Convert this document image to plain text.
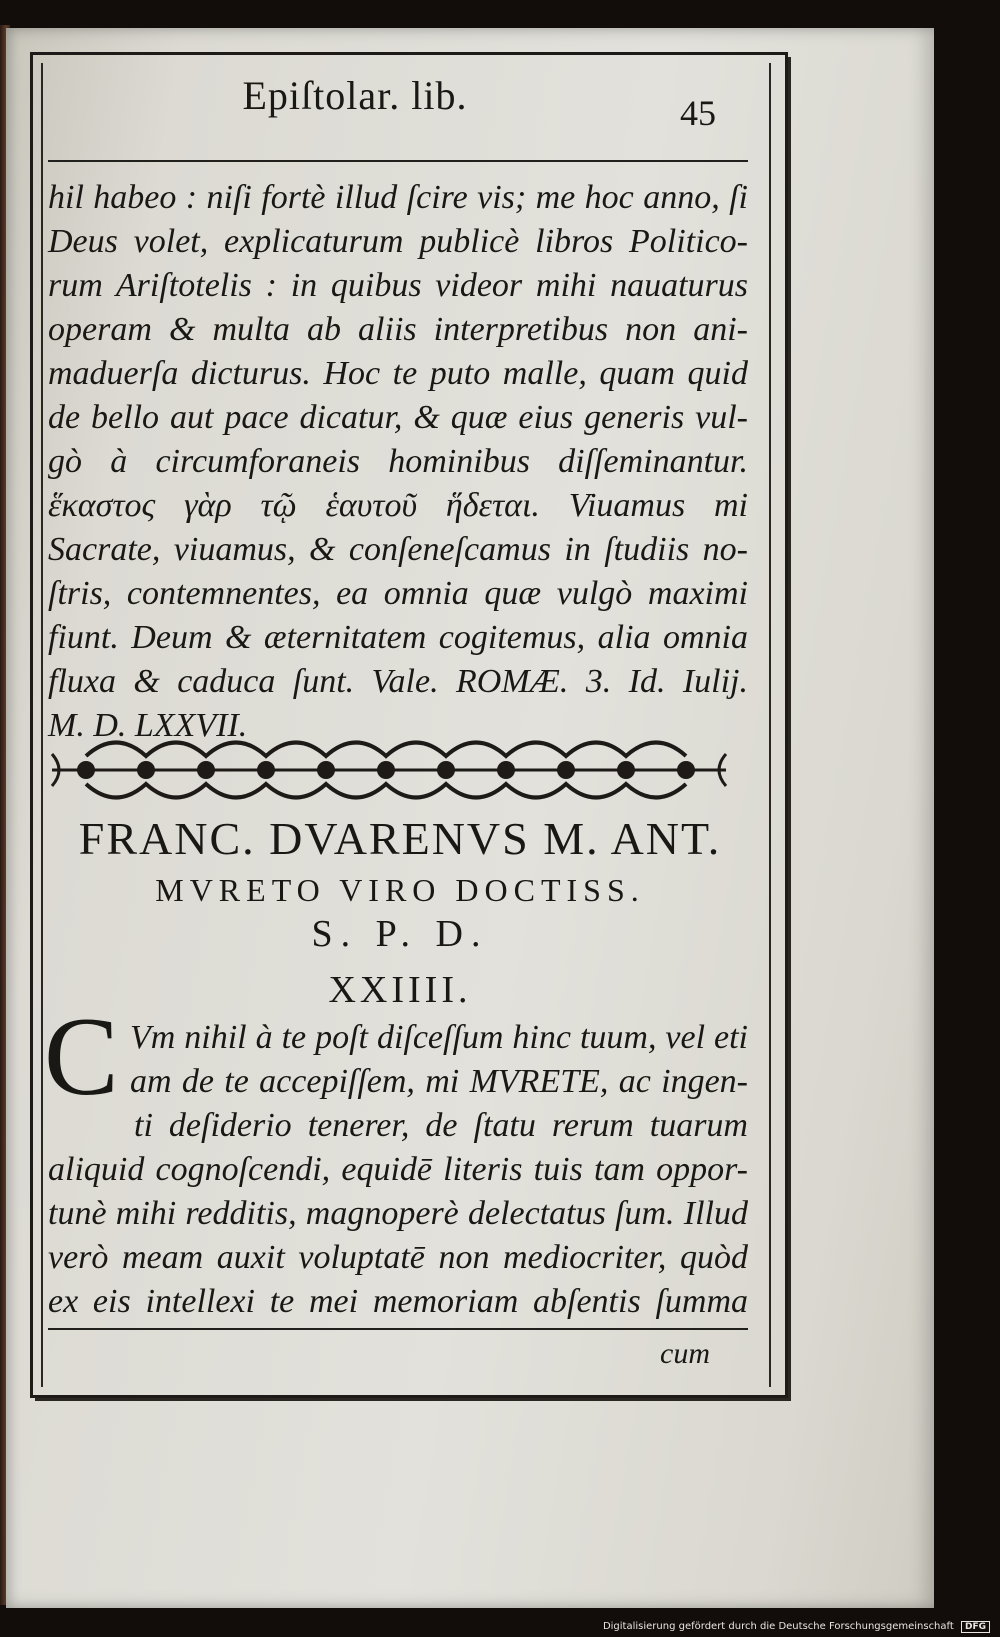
Epiſtolar. lib.	45
hil habeo : niſi fortè illud ſcire vis; me hoc anno, ſi
Deus volet, explicaturum publicè libros Politico-
rum Ariſtotelis : in quibus videor mihi nauaturus
operam & multa ab aliis interpretibus non ani-
maduerſa dicturus. Hoc te puto malle, quam quid
de bello aut pace dicatur, & quæ eius generis vul-
gò à circumforaneis hominibus diſſeminantur.
ἕκαστος γὰρ τῷ ἑαυτοῦ ἥδεται. Viuamus mi
Sacrate, viuamus, & conſeneſcamus in ſtudiis no-
ſtris, contemnentes, ea omnia quæ vulgò maximi
fiunt. Deum & æternitatem cogitemus, alia omnia
fluxa & caduca ſunt. Vale. ROMÆ. 3. Id. Iulij.
M. D. LXXVII.
FRANC. DVARENVS M. ANT.
MVRETO VIRO DOCTISS.
S. P. D.
XXIIII.
C Vm nihil à te poſt diſceſſum hinc tuum, vel eti
am de te accepiſſem, mi MVRETE, ac ingen-
ti deſiderio tenerer, de ſtatu rerum tuarum
aliquid cognoſcendi, equidē literis tuis tam oppor-
tunè mihi redditis, magnoperè delectatus ſum. Illud
verò meam auxit voluptatē non mediocriter, quòd
ex eis intellexi te mei memoriam abſentis ſumma
cum
Digitalisierung gefördert durch die Deutsche Forschungsgemeinschaft DFG
